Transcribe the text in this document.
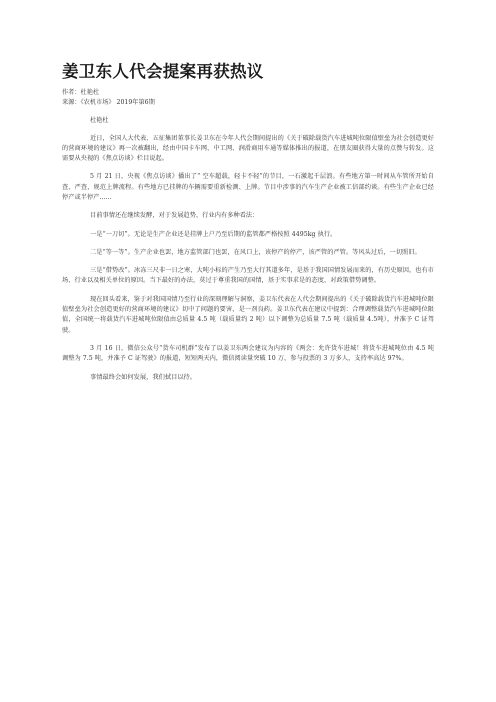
姜卫东人代会提案再获热议
作者：杜艳杜
来源：《农机市场》 2019年第6期
杜艳杜

近日，全国人大代表、五征集团董事长姜卫东在今年人代会期间提出的《关于破除载货汽车进城吨位限值壁垒为社会创造更好的营商环境的建议》再一次被翻出，经由中国卡车网、中工网、润滑商用车通等媒体推出的报道，在朋友圈获得大量的点赞与转发。这需要从央视的《焦点访谈》栏目说起。

5 月 21 日，央视《焦点访谈》播出了“ 空车超载，轻卡不轻”的节目，一石激起千层浪。有些地方第一时间从车管所开始自查、严查，规范上牌流程。有些地方已挂牌的车辆需要重新检测、上牌。节目中涉事的汽车生产企业被工信部约谈。有些生产企业已经停产或半停产……

目前事情还在继续发酵，对于发展趋势，行业内有多种看法：

一是“一刀切”。无论是生产企业还是挂牌上户乃至后期的监管都严格按照 4495kg 执行。

二是“等一等”。生产企业也罢，地方监管部门也罢，在风口上，该停产的停产，该严管的严管。等风头过后，一切照旧。

三是“借势改”。冰冻三尺非一日之寒，大吨小标的产生乃至大行其道多年，是基于我国国情发展而来的，有历史原因，也有市场、行业以及相关单位的原因。当下最好的办法，莫过于尊重我国的国情，基于实事求是的态度，对政策借势调整。

现在回头看来，鉴于对我国国情乃至行业的深刻理解与洞察，姜卫东代表在人代会期间提出的《关于破除载货汽车进城吨位限值壁垒为社会创造更好的营商环境的建议》切中了问题的要害，是一剂良药。姜卫东代表在建议中提到：合理调整载货汽车进城吨位限值，全国统一将载货汽车进城吨位限值由总质量 4.5 吨（载质量约 2 吨）以下调整为总质量 7.5 吨（载质量 4.5吨），并准予 C 证驾驶。

3 月 16 日，微信公众号“货车司机群”发布了以姜卫东两会建议为内容的《两会：允许货车进城！将货车进城吨位由 4.5 吨调整为 7.5 吨，并准予 C 证驾驶》的报道，短短两天内，微信阅读量突破 10 万，参与投票的 3 万多人，支持率高达 97%。

事情最终会如何发展，我们拭目以待。
